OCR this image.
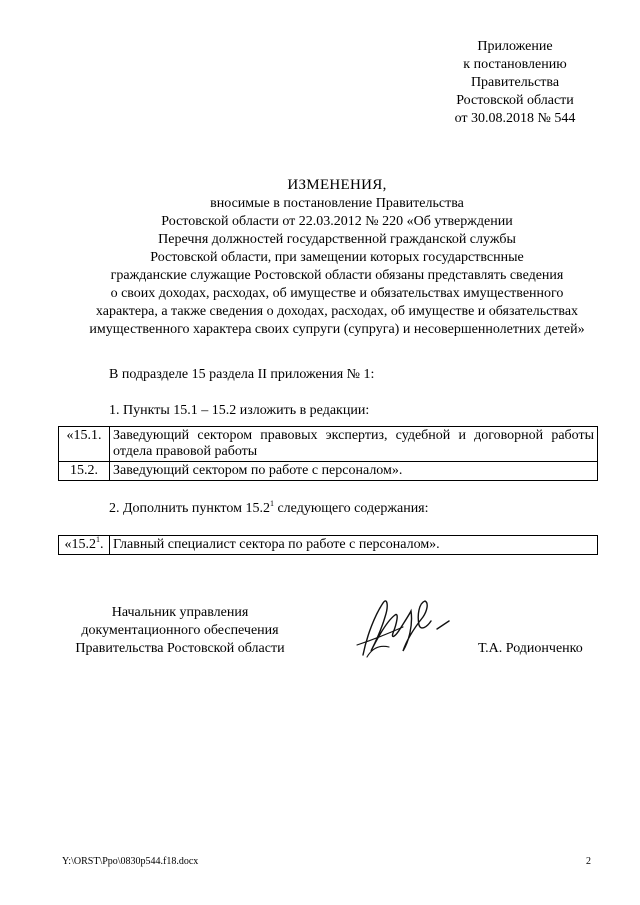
Приложение
к постановлению
Правительства
Ростовской области
от 30.08.2018 № 544
ИЗМЕНЕНИЯ,
вносимые в постановление Правительства
Ростовской области от 22.03.2012 № 220 «Об утверждении
Перечня должностей государственной гражданской службы
Ростовской области, при замещении которых государствснные
гражданские служащие Ростовской области обязаны представлять сведения
о своих доходах, расходах, об имуществе и обязательствах имущественного
характера, а также сведения о доходах, расходах, об имуществе и обязательствах
имущественного характера своих супруги (супруга) и несовершеннолетних детей»
В подразделе 15 раздела II приложения № 1:
1. Пункты 15.1 – 15.2 изложить в редакции:
«15.1.	Заведующий сектором правовых экспертиз, судебной и договорной работы отдела правовой работы
15.2.	Заведующий сектором по работе с персоналом».
2. Дополнить пунктом 15.2$^1$ следующего содержания:
«15.2$^1$.	Главный специалист сектора по работе с персоналом».
Начальник управления
документационного обеспечения
Правительства Ростовской области	Т.А. Родионченко
Y:\ORST\Ppo\0830p544.f18.docx	2
